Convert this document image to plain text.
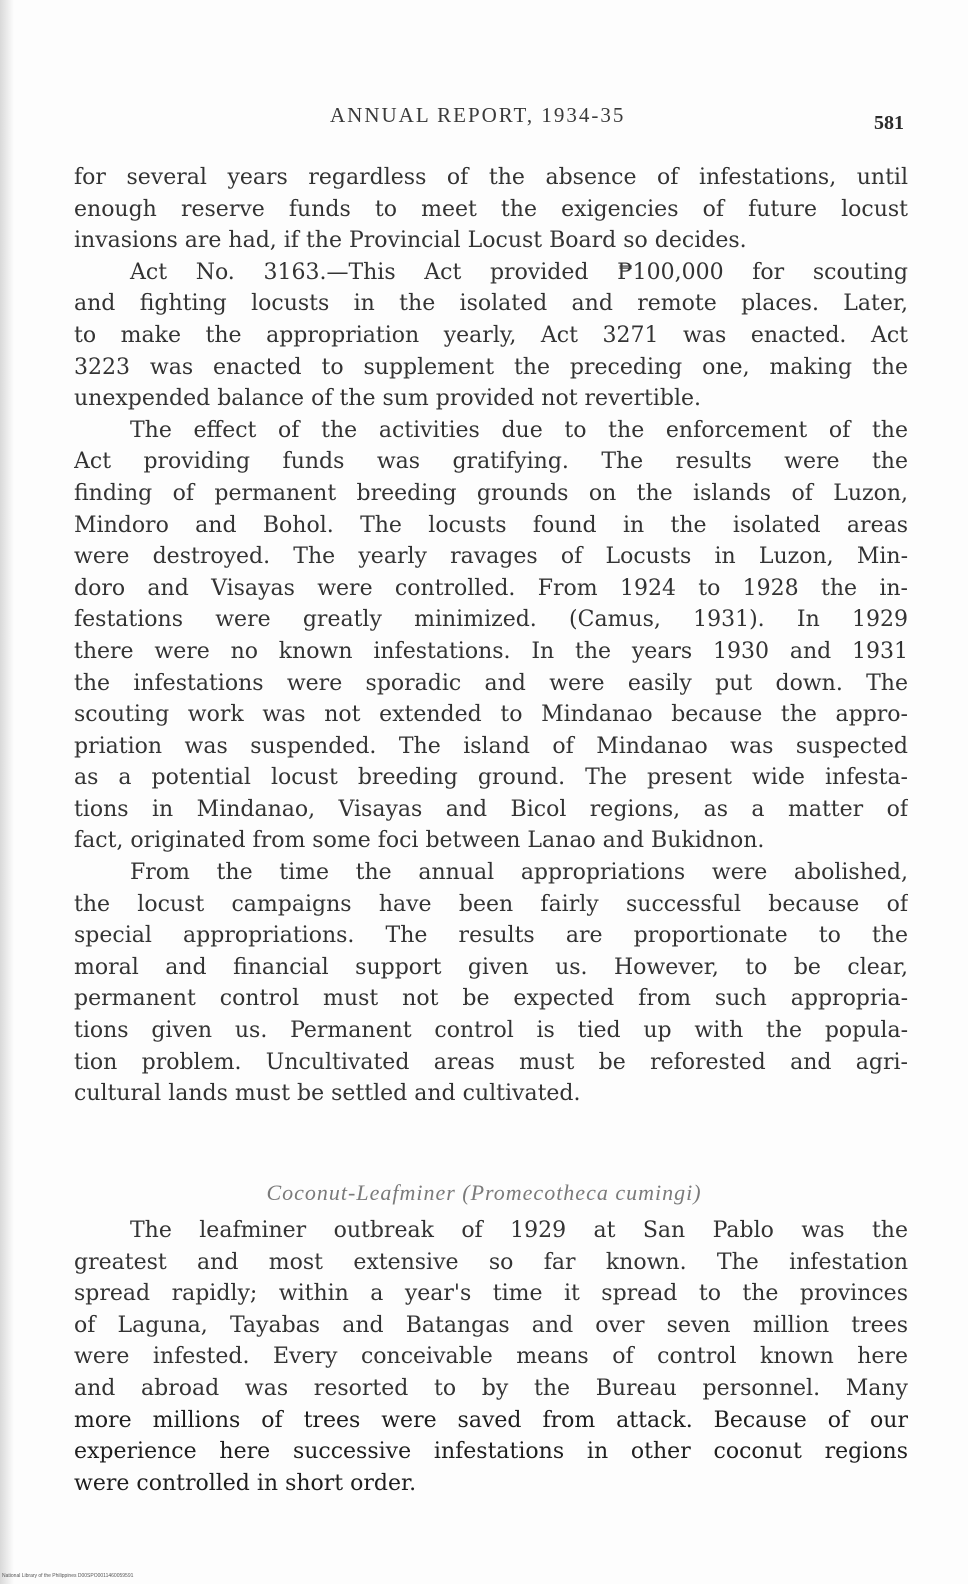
ANNUAL REPORT, 1934-35	581
for several years regardless of the absence of infestations, until
enough reserve funds to meet the exigencies of future locust
invasions are had, if the Provincial Locust Board so decides.
Act No. 3163.—This Act provided ₱100,000 for scouting
and fighting locusts in the isolated and remote places. Later,
to make the appropriation yearly, Act 3271 was enacted. Act
3223 was enacted to supplement the preceding one, making the
unexpended balance of the sum provided not revertible.
The effect of the activities due to the enforcement of the
Act providing funds was gratifying. The results were the
finding of permanent breeding grounds on the islands of Luzon,
Mindoro and Bohol. The locusts found in the isolated areas
were destroyed. The yearly ravages of Locusts in Luzon, Min-
doro and Visayas were controlled. From 1924 to 1928 the in-
festations were greatly minimized. (Camus, 1931). In 1929
there were no known infestations. In the years 1930 and 1931
the infestations were sporadic and were easily put down. The
scouting work was not extended to Mindanao because the appro-
priation was suspended. The island of Mindanao was suspected
as a potential locust breeding ground. The present wide infesta-
tions in Mindanao, Visayas and Bicol regions, as a matter of
fact, originated from some foci between Lanao and Bukidnon.
From the time the annual appropriations were abolished,
the locust campaigns have been fairly successful because of
special appropriations. The results are proportionate to the
moral and financial support given us. However, to be clear,
permanent control must not be expected from such appropria-
tions given us. Permanent control is tied up with the popula-
tion problem. Uncultivated areas must be reforested and agri-
cultural lands must be settled and cultivated.
Coconut-Leafminer (Promecotheca cumingi)
The leafminer outbreak of 1929 at San Pablo was the
greatest and most extensive so far known. The infestation
spread rapidly; within a year's time it spread to the provinces
of Laguna, Tayabas and Batangas and over seven million trees
were infested. Every conceivable means of control known here
and abroad was resorted to by the Bureau personnel. Many
more millions of trees were saved from attack. Because of our
experience here successive infestations in other coconut regions
were controlled in short order.
National Library of the Philippines D00SPO0011460059591
